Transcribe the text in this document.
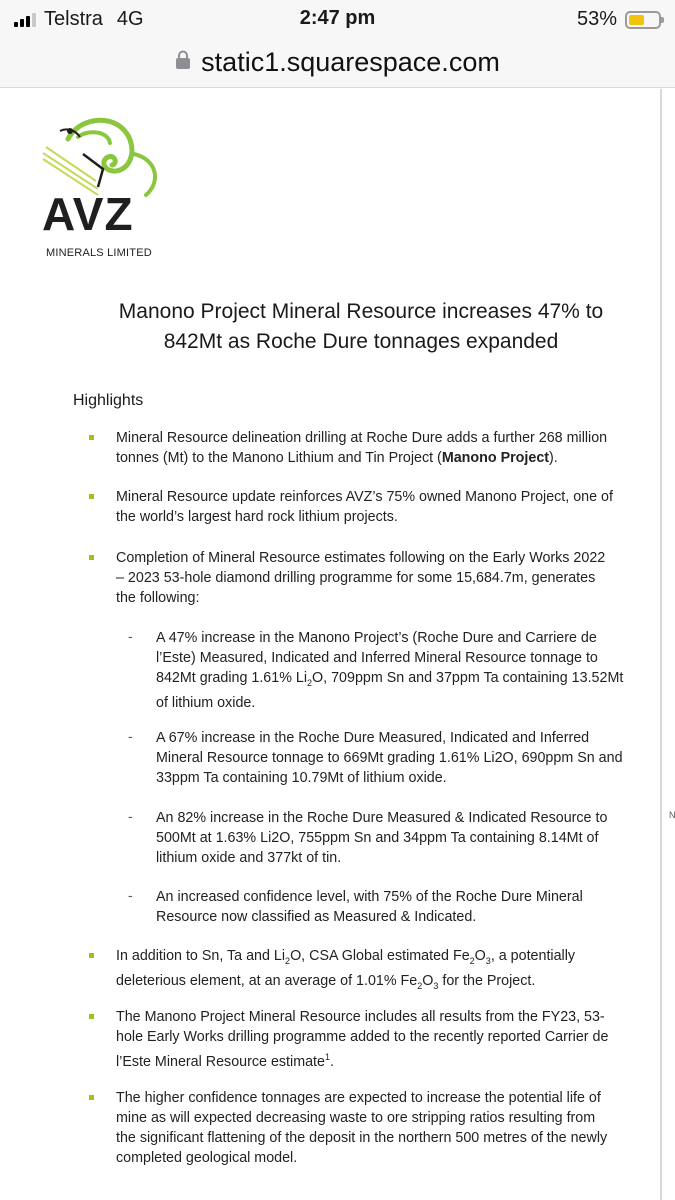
Telstra 4G	2:47 pm	53%
static1.squarespace.com
AVZ
MINERALS LIMITED
Manono Project Mineral Resource increases 47% to
842Mt as Roche Dure tonnages expanded
Highlights
Mineral Resource delineation drilling at Roche Dure adds a further 268 million
tonnes (Mt) to the Manono Lithium and Tin Project (Manono Project).
Mineral Resource update reinforces AVZ’s 75% owned Manono Project, one of
the world’s largest hard rock lithium projects.
Completion of Mineral Resource estimates following on the Early Works 2022
– 2023 53-hole diamond drilling programme for some 15,684.7m, generates
the following:
- A 47% increase in the Manono Project’s (Roche Dure and Carriere de
l’Este) Measured, Indicated and Inferred Mineral Resource tonnage to
842Mt grading 1.61% $Li_2O$, 709ppm Sn and 37ppm Ta containing 13.52Mt
of lithium oxide.
- A 67% increase in the Roche Dure Measured, Indicated and Inferred
Mineral Resource tonnage to 669Mt grading 1.61% Li2O, 690ppm Sn and
33ppm Ta containing 10.79Mt of lithium oxide.
- An 82% increase in the Roche Dure Measured & Indicated Resource to
500Mt at 1.63% Li2O, 755ppm Sn and 34ppm Ta containing 8.14Mt of
lithium oxide and 377kt of tin.
- An increased confidence level, with 75% of the Roche Dure Mineral
Resource now classified as Measured & Indicated.
In addition to Sn, Ta and $Li_2O$, CSA Global estimated $Fe_2O_3$, a potentially
deleterious element, at an average of 1.01% $Fe_2O_3$ for the Project.
The Manono Project Mineral Resource includes all results from the FY23, 53-
hole Early Works drilling programme added to the recently reported Carrier de
l’Este Mineral Resource estimate$^1$.
The higher confidence tonnages are expected to increase the potential life of
mine as will expected decreasing waste to ore stripping ratios resulting from
the significant flattening of the deposit in the northern 500 metres of the newly
completed geological model.
N
